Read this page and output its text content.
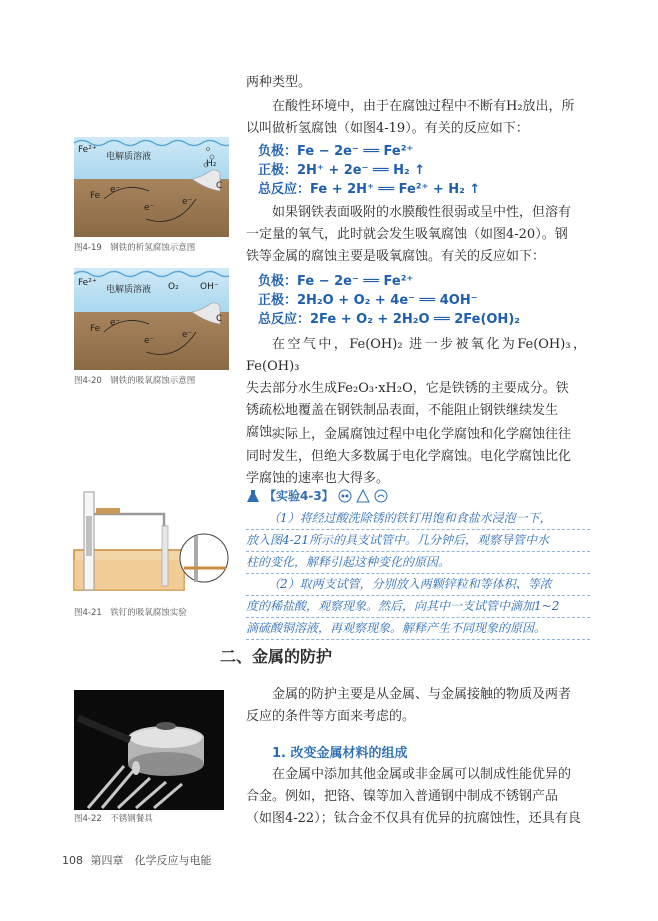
Fe²⁺
电解质溶液
H₂
Fe
e⁻
e⁻
e⁻
C
图4-19　钢铁的析氢腐蚀示意图
Fe²⁺
电解质溶液 O₂ OH⁻
Fe
e⁻
e⁻
e⁻
C
图4-20　钢铁的吸氧腐蚀示意图
图4-21　铁钉的吸氧腐蚀实验
图4-22　不锈钢餐具
两种类型。
在酸性环境中，由于在腐蚀过程中不断有H₂放出，所
以叫做析氢腐蚀（如图4-19）。有关的反应如下：
负极：Fe − 2e⁻ ══ Fe²⁺
正极：2H⁺ + 2e⁻ ══ H₂ ↑
总反应：Fe + 2H⁺ ══ Fe²⁺ + H₂ ↑
如果钢铁表面吸附的水膜酸性很弱或呈中性，但溶有
一定量的氧气，此时就会发生吸氧腐蚀（如图4-20）。钢
铁等金属的腐蚀主要是吸氧腐蚀。有关的反应如下：
负极：Fe − 2e⁻ ══ Fe²⁺
正极：2H₂O + O₂ + 4e⁻ ══ 4OH⁻
总反应：2Fe + O₂ + 2H₂O ══ 2Fe(OH)₂
在空气中，Fe(OH)₂ 进一步被氧化为Fe(OH)₃，Fe(OH)₃
失去部分水生成Fe₂O₃·xH₂O，它是铁锈的主要成分。铁
锈疏松地覆盖在钢铁制品表面，不能阻止钢铁继续发生
腐蚀。
实际上，金属腐蚀过程中电化学腐蚀和化学腐蚀往往
同时发生，但绝大多数属于电化学腐蚀。电化学腐蚀比化
学腐蚀的速率也大得多。
【实验4-3】
（1）将经过酸洗除锈的铁钉用饱和食盐水浸泡一下，
放入图4-21所示的具支试管中。几分钟后，观察导管中水
柱的变化，解释引起这种变化的原因。
（2）取两支试管，分别放入两颗锌粒和等体积、等浓
度的稀盐酸，观察现象。然后，向其中一支试管中滴加1~2
滴硫酸铜溶液，再观察现象。解释产生不同现象的原因。
二、金属的防护
金属的防护主要是从金属、与金属接触的物质及两者
反应的条件等方面来考虑的。
1. 改变金属材料的组成
在金属中添加其他金属或非金属可以制成性能优异的
合金。例如，把铬、镍等加入普通钢中制成不锈钢产品
（如图4-22）；钛合金不仅具有优异的抗腐蚀性，还具有良
108 第四章　化学反应与电能
